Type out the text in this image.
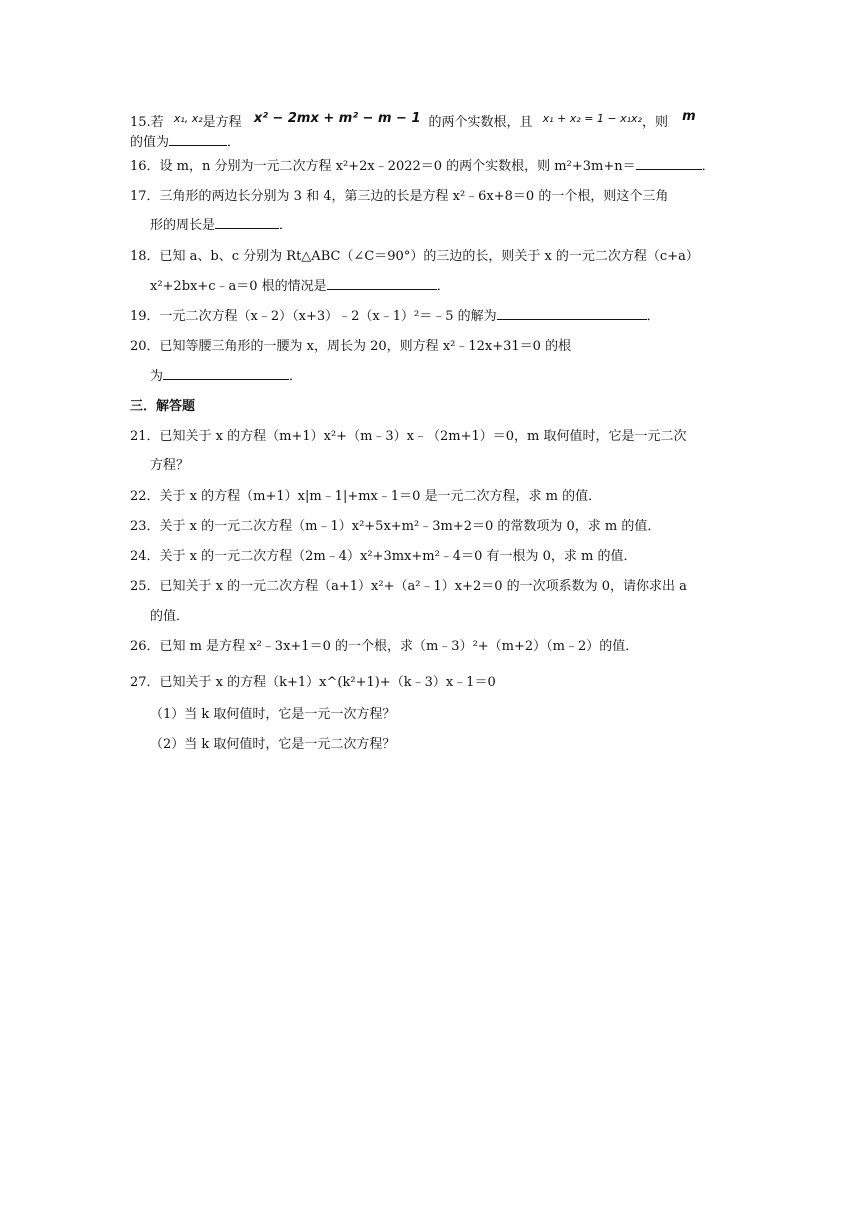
15.若 $^{x_1, x_2}$是方程 x² − 2mx + m² − m − 1 的两个实数根，且 $^{x_1 + x_2 = 1 - x_1x_2}$，则 m
的值为	．
16．设 m，n 分别为一元二次方程 x²+2x﹣2022＝0 的两个实数根，则 m²+3m+n＝	．
17．三角形的两边长分别为 3 和 4，第三边的长是方程 x²﹣6x+8＝0 的一个根，则这个三角
形的周长是	．
18．已知 a、b、c 分别为 Rt△ABC（∠C＝90°）的三边的长，则关于 x 的一元二次方程（c+a）
x²+2bx+c﹣a＝0 根的情况是	．
19．一元二次方程（x﹣2）（x+3）﹣2（x﹣1）²＝﹣5 的解为	．
20．已知等腰三角形的一腰为 x，周长为 20，则方程 x²﹣12x+31＝0 的根
为	．
三．解答题
21．已知关于 x 的方程（m+1）x²+（m﹣3）x﹣（2m+1）＝0，m 取何值时，它是一元二次
方程？
22．关于 x 的方程（m+1）x|m﹣1|+mx﹣1＝0 是一元二次方程，求 m 的值．
23．关于 x 的一元二次方程（m﹣1）x²+5x+m²﹣3m+2＝0 的常数项为 0，求 m 的值．
24．关于 x 的一元二次方程（2m﹣4）x²+3mx+m²﹣4＝0 有一根为 0，求 m 的值．
25．已知关于 x 的一元二次方程（a+1）x²+（a²﹣1）x+2＝0 的一次项系数为 0，请你求出 a
的值．
26．已知 m 是方程 x²﹣3x+1＝0 的一个根，求（m﹣3）²+（m+2）（m﹣2）的值．
27．已知关于 x 的方程（k+1）x^(k²+1)+（k﹣3）x﹣1＝0
（1）当 k 取何值时，它是一元一次方程？
（2）当 k 取何值时，它是一元二次方程？
